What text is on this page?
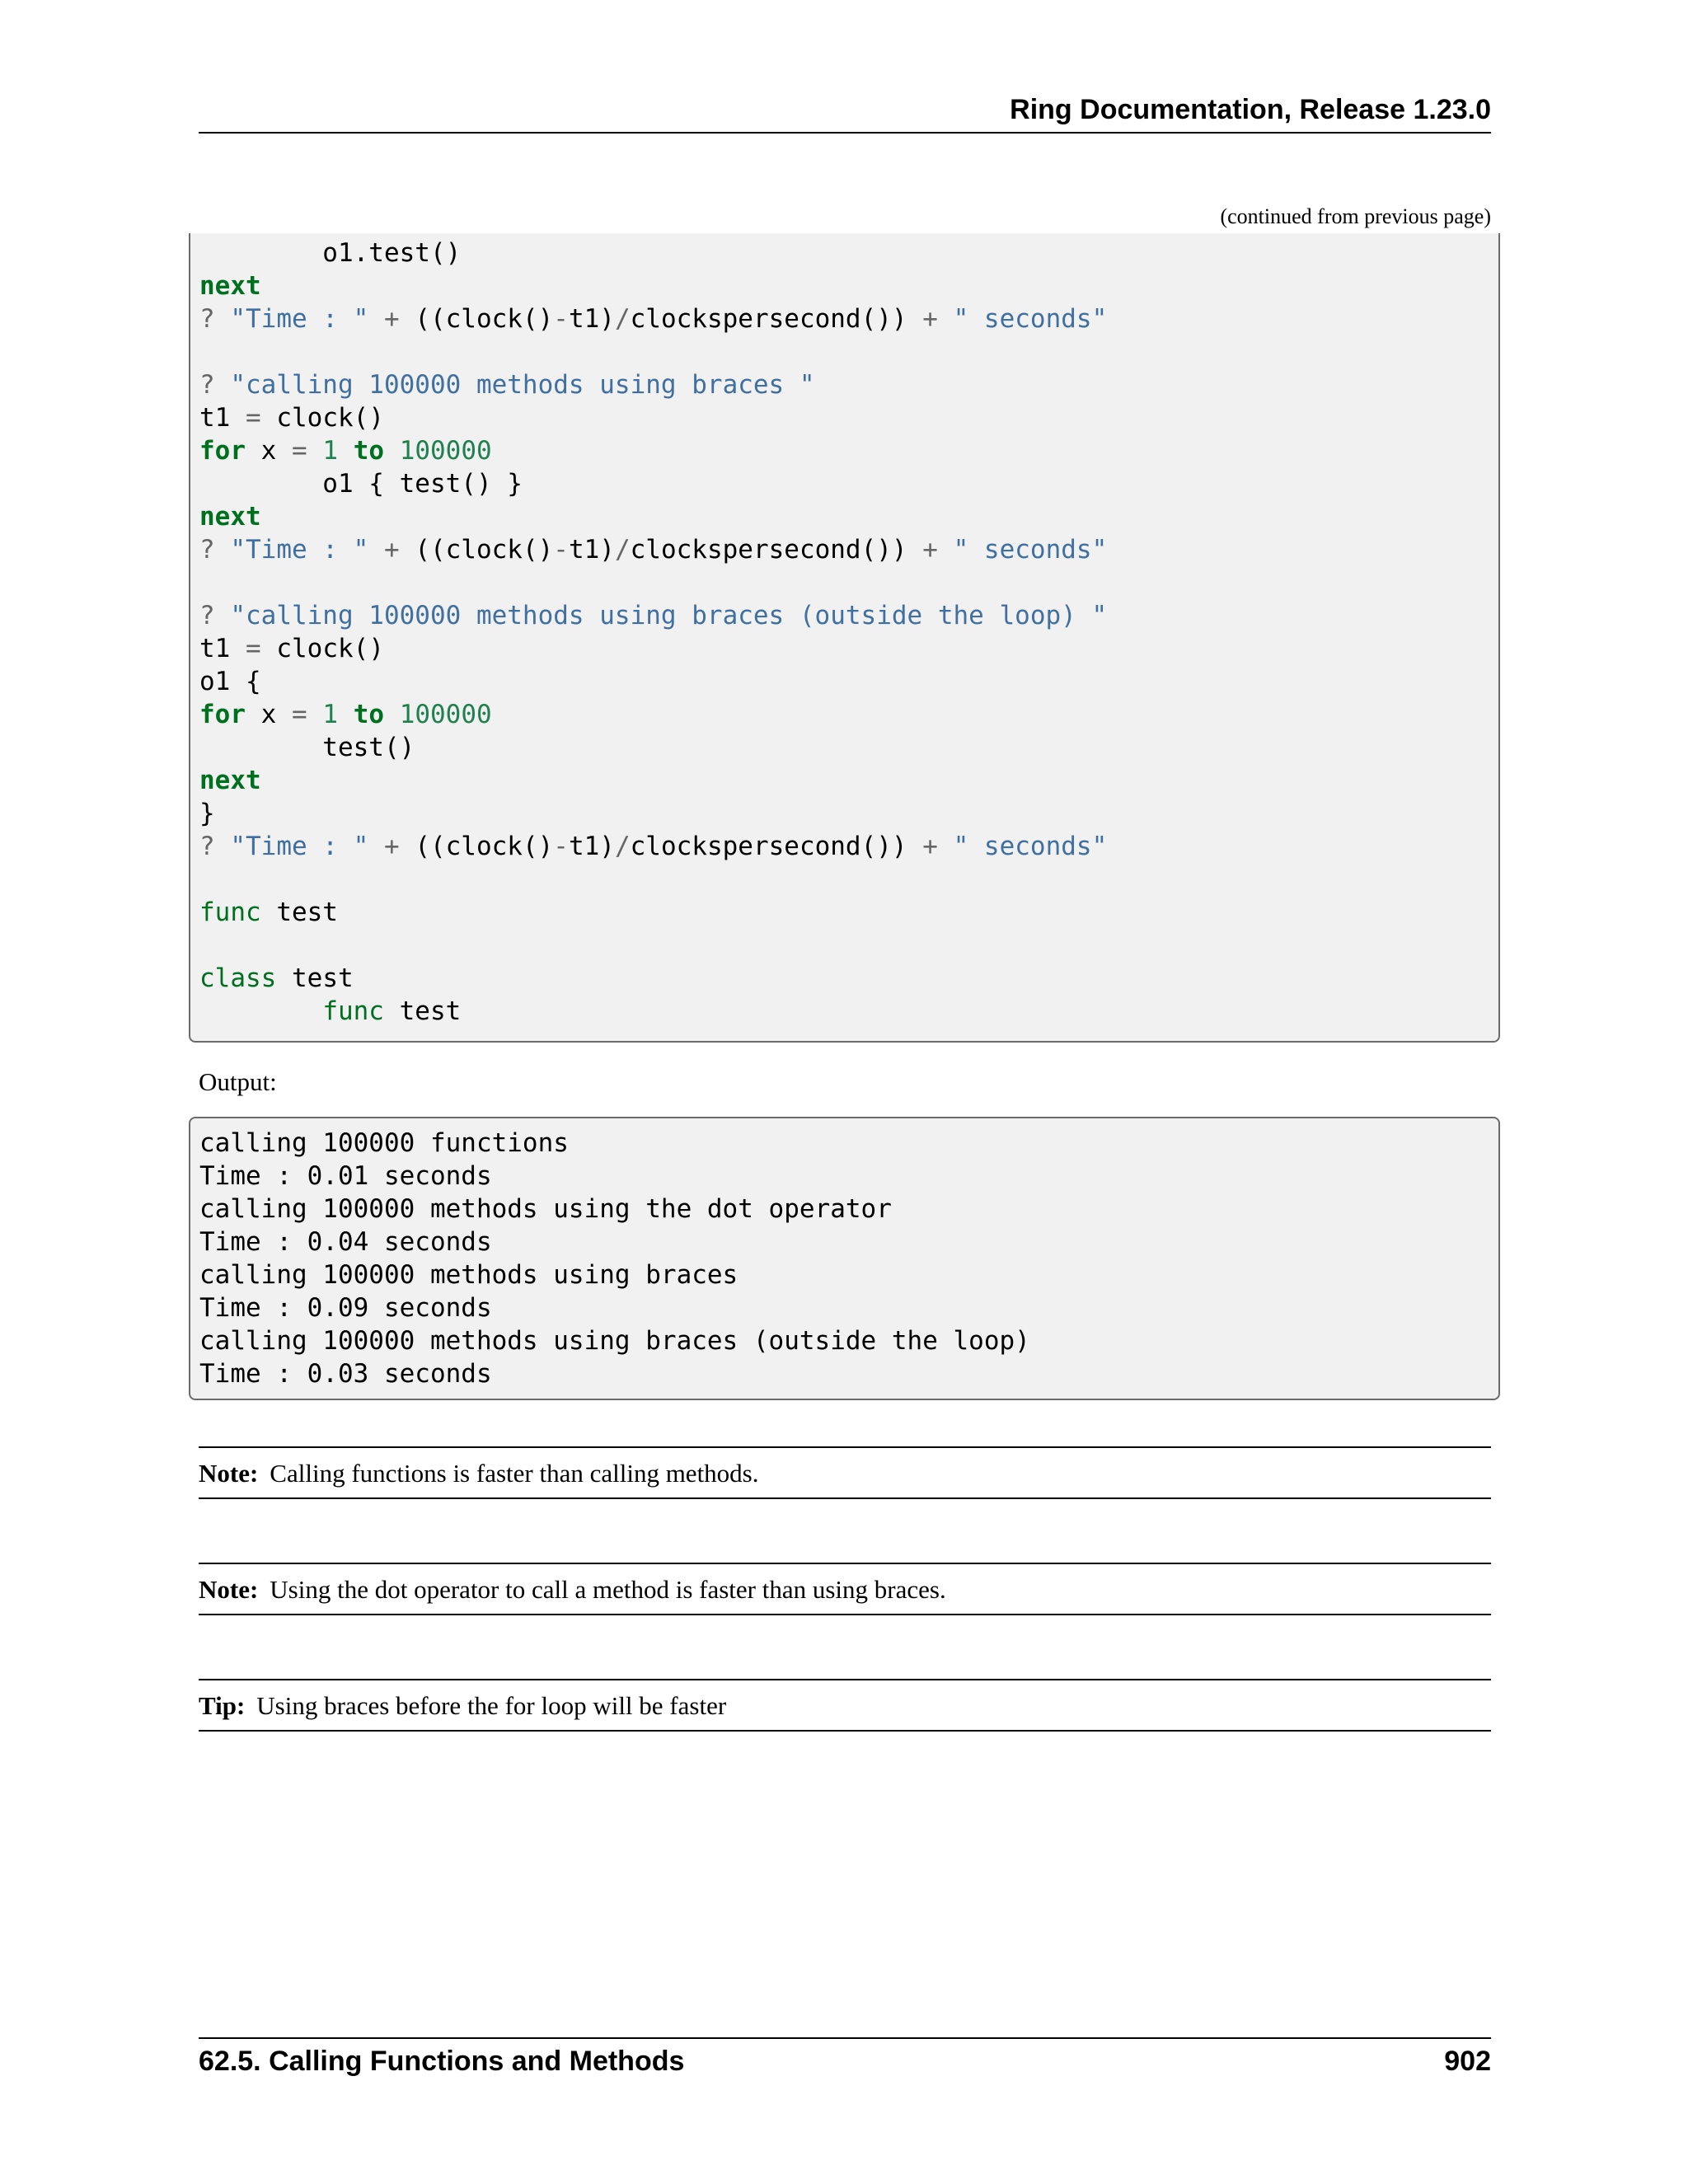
Ring Documentation, Release 1.23.0
(continued from previous page)
o1.test()
next
? "Time : " + ((clock()-t1)/clockspersecond()) + " seconds"
? "calling 100000 methods using braces "
t1 = clock()
for x = 1 to 100000
o1 { test() }
next
? "Time : " + ((clock()-t1)/clockspersecond()) + " seconds"
? "calling 100000 methods using braces (outside the loop) "
t1 = clock()
o1 {
for x = 1 to 100000
test()
next
}
? "Time : " + ((clock()-t1)/clockspersecond()) + " seconds"
func test
class test
func test
Output:
calling 100000 functions
Time : 0.01 seconds
calling 100000 methods using the dot operator
Time : 0.04 seconds
calling 100000 methods using braces
Time : 0.09 seconds
calling 100000 methods using braces (outside the loop)
Time : 0.03 seconds
Note: Calling functions is faster than calling methods.
Note: Using the dot operator to call a method is faster than using braces.
Tip: Using braces before the for loop will be faster
62.5. Calling Functions and Methods	902
